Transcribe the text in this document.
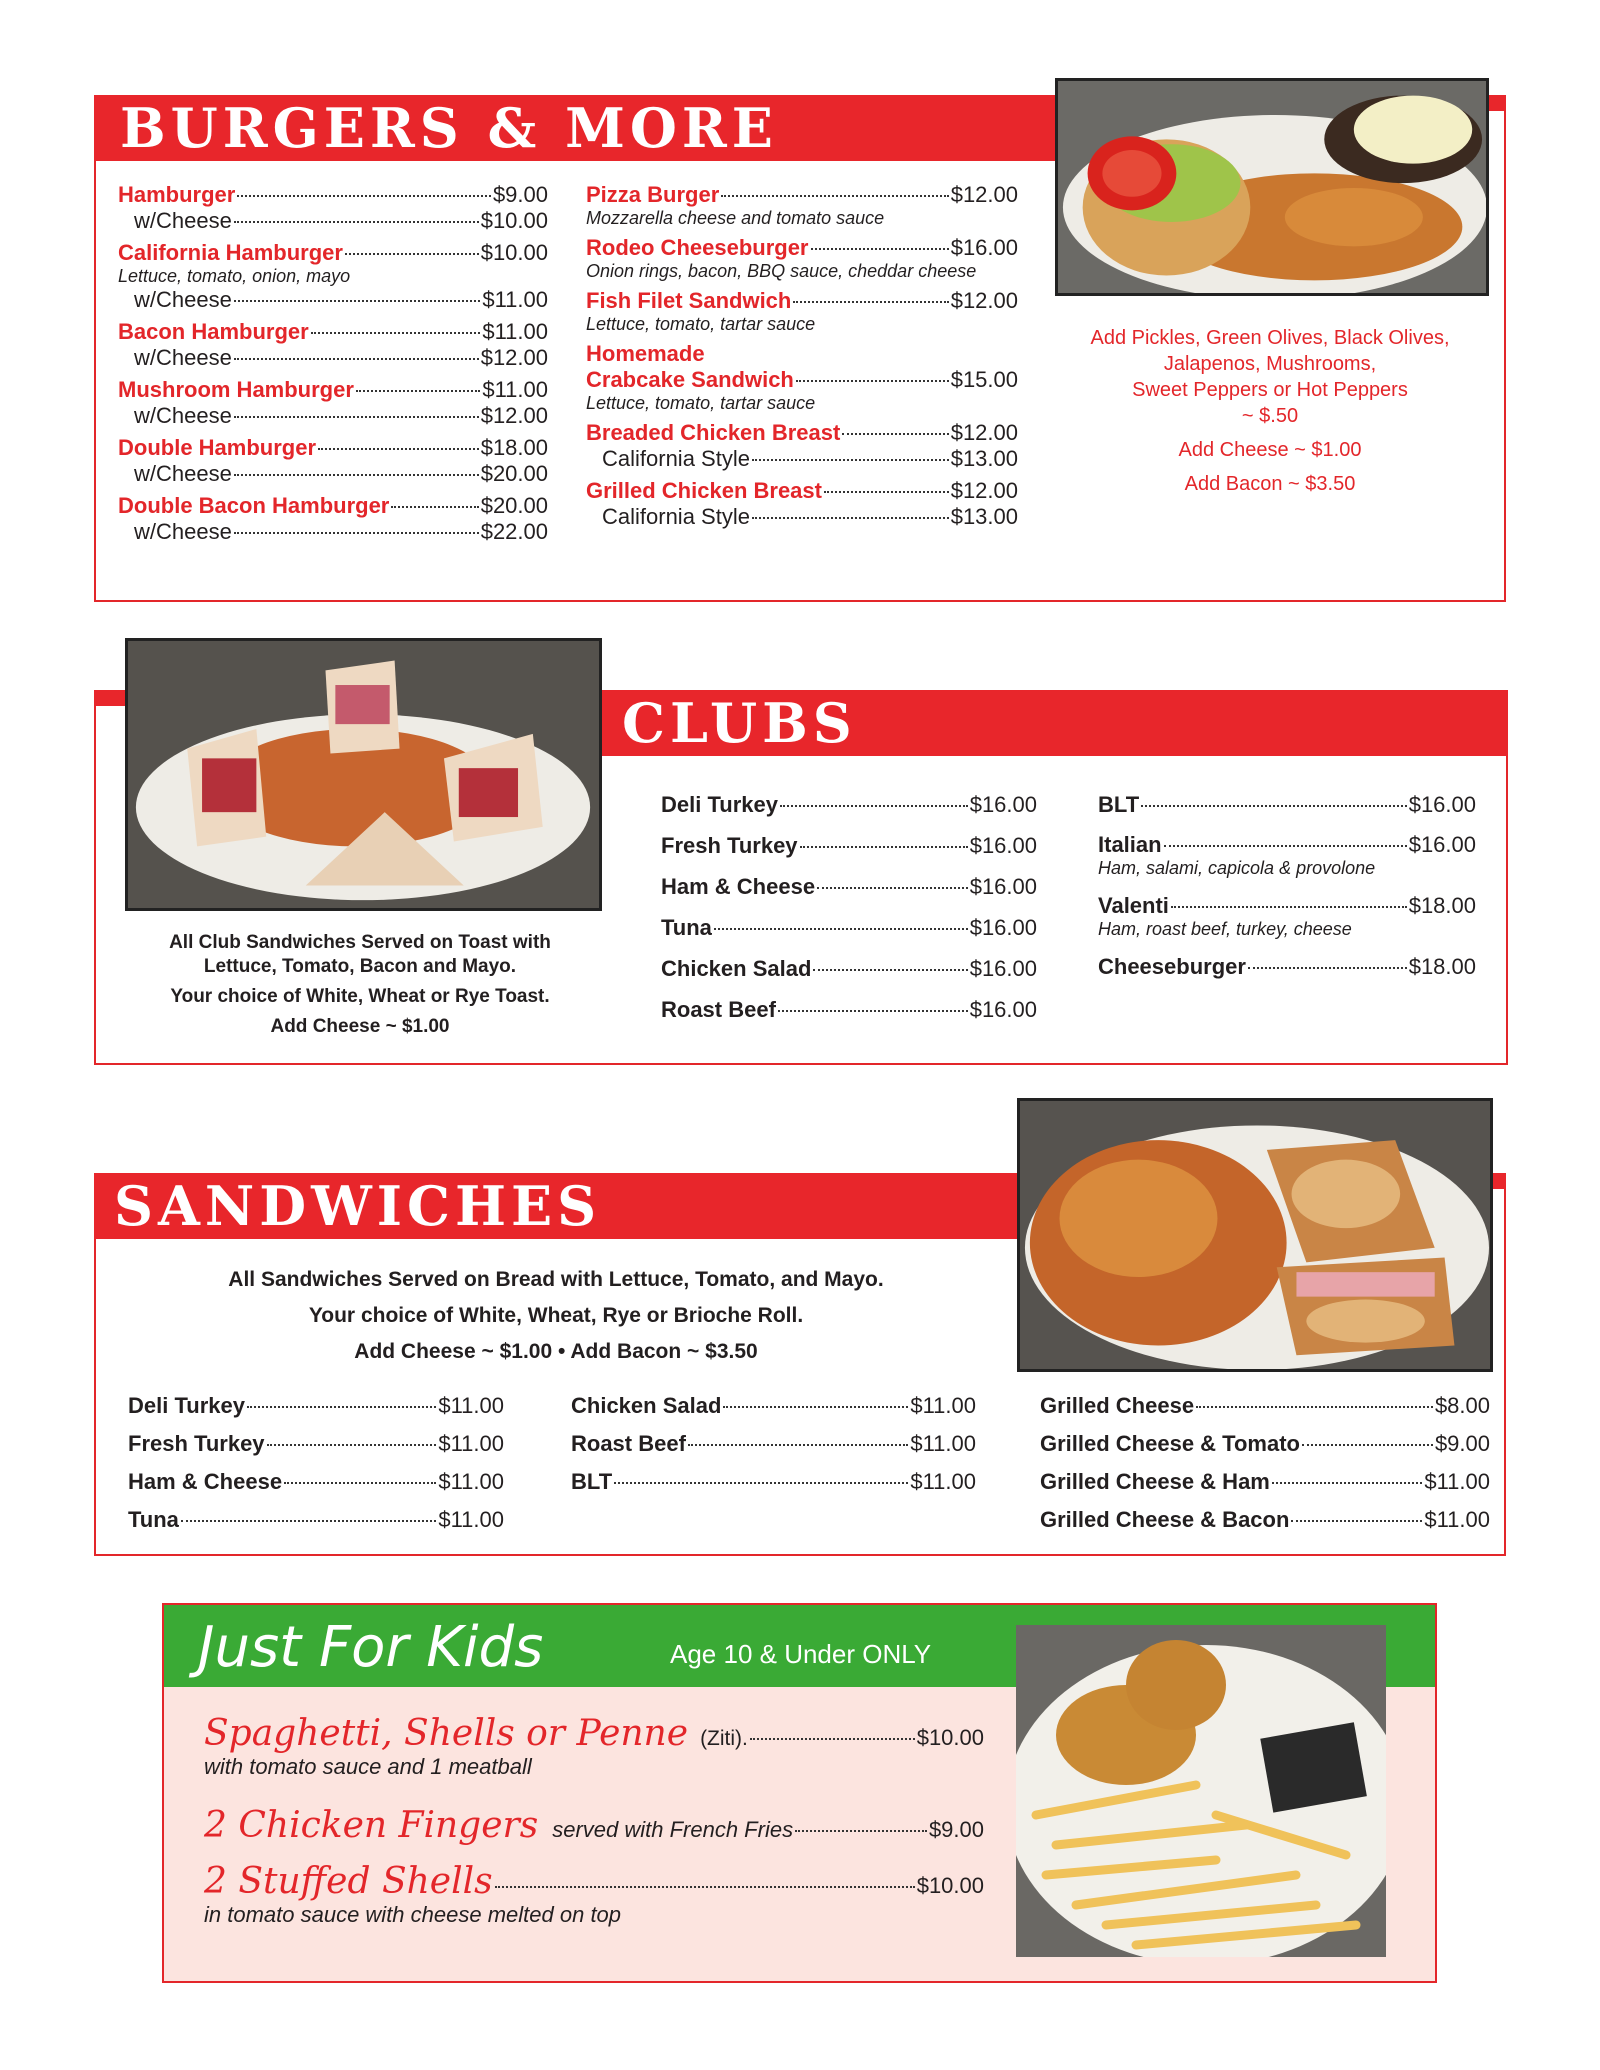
BURGERS & MORE
Hamburger	$9.00
w/Cheese	$10.00
California Hamburger	$10.00
Lettuce, tomato, onion, mayo
w/Cheese	$11.00
Bacon Hamburger	$11.00
w/Cheese	$12.00
Mushroom Hamburger	$11.00
w/Cheese	$12.00
Double Hamburger	$18.00
w/Cheese	$20.00
Double Bacon Hamburger	$20.00
w/Cheese	$22.00
Pizza Burger	$12.00
Mozzarella cheese and tomato sauce
Rodeo Cheeseburger	$16.00
Onion rings, bacon, BBQ sauce, cheddar cheese
Fish Filet Sandwich	$12.00
Lettuce, tomato, tartar sauce
Homemade
Crabcake Sandwich	$15.00
Lettuce, tomato, tartar sauce
Breaded Chicken Breast	$12.00
California Style	$13.00
Grilled Chicken Breast	$12.00
California Style	$13.00
Add Pickles, Green Olives, Black Olives,
Jalapenos, Mushrooms,
Sweet Peppers or Hot Peppers
~ $.50
Add Cheese ~ $1.00
Add Bacon ~ $3.50
CLUBS
All Club Sandwiches Served on Toast with
Lettuce, Tomato, Bacon and Mayo.
Your choice of White, Wheat or Rye Toast.
Add Cheese ~ $1.00
Deli Turkey	$16.00
Fresh Turkey	$16.00
Ham & Cheese	$16.00
Tuna	$16.00
Chicken Salad	$16.00
Roast Beef	$16.00
BLT	$16.00
Italian	$16.00
Ham, salami, capicola & provolone
Valenti	$18.00
Ham, roast beef, turkey, cheese
Cheeseburger	$18.00
SANDWICHES
All Sandwiches Served on Bread with Lettuce, Tomato, and Mayo.
Your choice of White, Wheat, Rye or Brioche Roll.
Add Cheese ~ $1.00 • Add Bacon ~ $3.50
Deli Turkey	$11.00
Fresh Turkey	$11.00
Ham & Cheese	$11.00
Tuna	$11.00
Chicken Salad	$11.00
Roast Beef	$11.00
BLT	$11.00
Grilled Cheese	$8.00
Grilled Cheese & Tomato	$9.00
Grilled Cheese & Ham	$11.00
Grilled Cheese & Bacon	$11.00
Just For Kids	Age 10 & Under ONLY
Spaghetti, Shells or Penne (Ziti).	$10.00
with tomato sauce and 1 meatball
2 Chicken Fingers served with French Fries	$9.00
2 Stuffed Shells	$10.00
in tomato sauce with cheese melted on top
